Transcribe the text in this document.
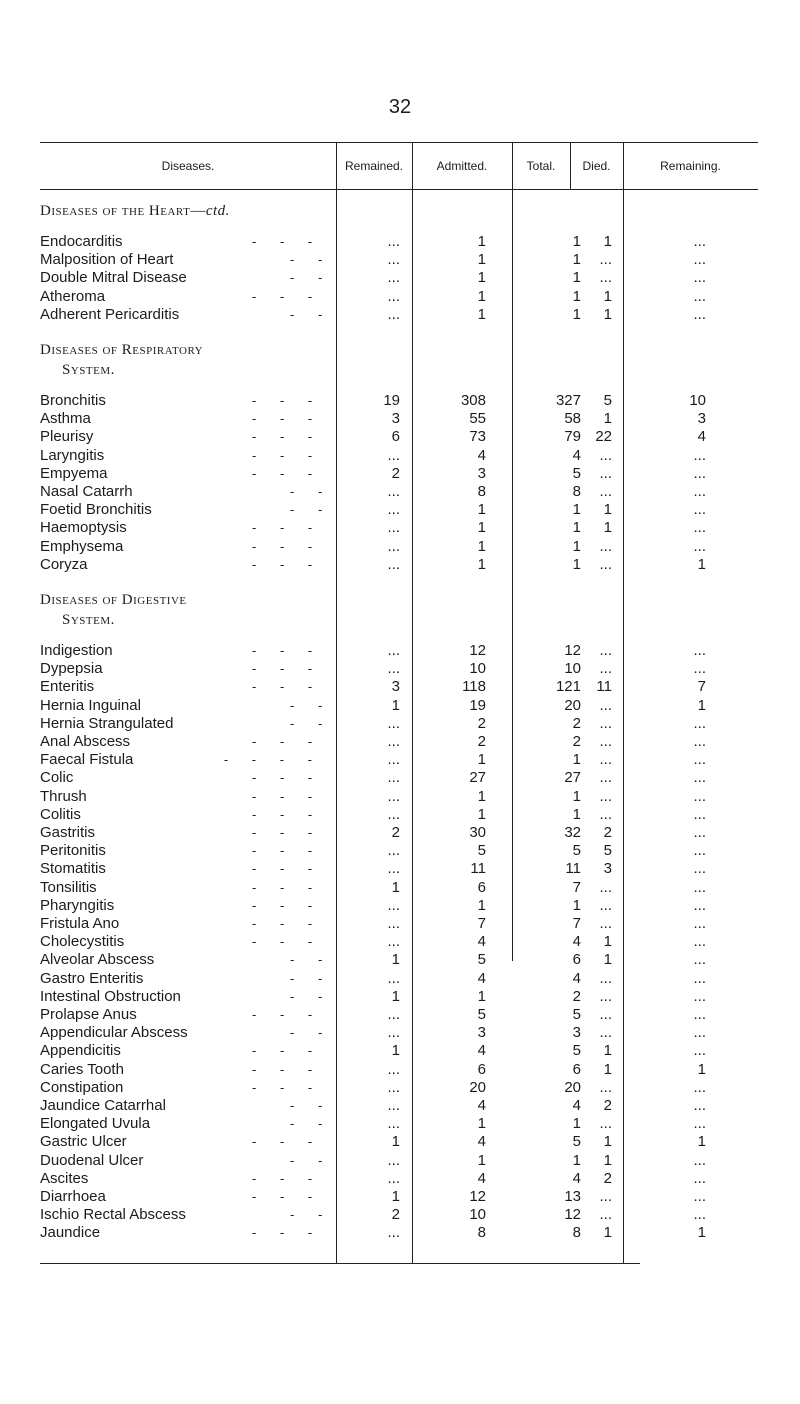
32
Diseases.	Remained.	Admitted.	Total.	Died.	Remaining.
Diseases of the Heart—ctd.
Endocarditis	- - -	...	1	1 1	...
Malposition of Heart	- -	...	1	1 ...	...
Double Mitral Disease	- -	...	1	1 ...	...
Atheroma	- - -	...	1	1 1	...
Adherent Pericarditis	- -	...	1	1 1	...
Diseases of Respiratory
System.
Bronchitis	- - -	19	308	327 5	10
Asthma	- - -	3	55	58 1	3
Pleurisy	- - -	6	73	79 22	4
Laryngitis	- - -	...	4	4 ...	...
Empyema	- - -	2	3	5 ...	...
Nasal Catarrh	- -	...	8	8 ...	...
Foetid Bronchitis	- -	...	1	1 1	...
Haemoptysis	- - -	...	1	1 1	...
Emphysema	- - -	...	1	1 ...	...
Coryza	- - -	...	1	1 ...	1
Diseases of Digestive
System.
Indigestion	- - -	...	12	12 ...	...
Dypepsia	- - -	...	10	10 ...	...
Enteritis	- - -	3	118	121 11	7
Hernia Inguinal	- -	1	19	20 ...	1
Hernia Strangulated	- -	...	2	2 ...	...
Anal Abscess	- - -	...	2	2 ...	...
Faecal Fistula	- - - -	...	1	1 ...	...
Colic	- - -	...	27	27 ...	...
Thrush	- - -	...	1	1 ...	...
Colitis	- - -	...	1	1 ...	...
Gastritis	- - -	2	30	32 2	...
Peritonitis	- - -	...	5	5 5	...
Stomatitis	- - -	...	11	11 3	...
Tonsilitis	- - -	1	6	7 ...	...
Pharyngitis	- - -	...	1	1 ...	...
Fristula Ano	- - -	...	7	7 ...	...
Cholecystitis	- - -	...	4	4 1	...
Alveolar Abscess	- -	1	5	6 1	...
Gastro Enteritis	- -	...	4	4 ...	...
Intestinal Obstruction	- -	1	1	2 ...	...
Prolapse Anus	- - -	...	5	5 ...	...
Appendicular Abscess	- -	...	3	3 ...	...
Appendicitis	- - -	1	4	5 1	...
Caries Tooth	- - -	...	6	6 1	1
Constipation	- - -	...	20	20 ...	...
Jaundice Catarrhal	- -	...	4	4 2	...
Elongated Uvula	- -	...	1	1 ...	...
Gastric Ulcer	- - -	1	4	5 1	1
Duodenal Ulcer	- -	...	1	1 1	...
Ascites	- - -	...	4	4 2	...
Diarrhoea	- - -	1	12	13 ...	...
Ischio Rectal Abscess	- -	2	10	12 ...	...
Jaundice	- - -	...	8	8 1	1
